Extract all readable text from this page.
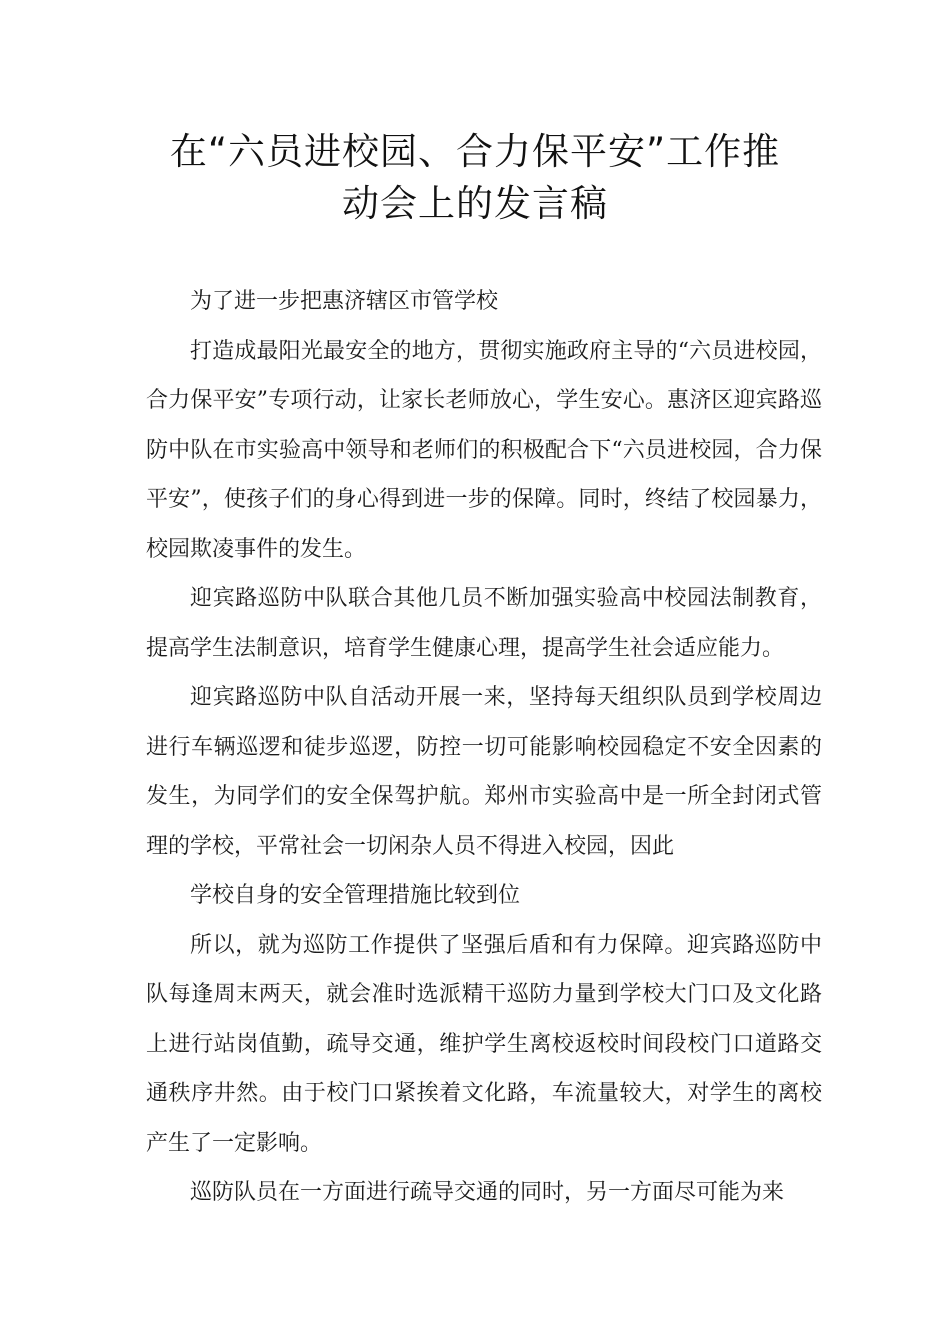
在“六员进校园、合力保平安”工作推
动会上的发言稿

为了进一步把惠济辖区市管学校

打造成最阳光最安全的地方，贯彻实施政府主导的“六员进校园，合力保平安”专项行动，让家长老师放心，学生安心。惠济区迎宾路巡防中队在市实验高中领导和老师们的积极配合下“六员进校园，合力保平安”，使孩子们的身心得到进一步的保障。同时，终结了校园暴力，校园欺凌事件的发生。

迎宾路巡防中队联合其他几员不断加强实验高中校园法制教育，提高学生法制意识，培育学生健康心理，提高学生社会适应能力。

迎宾路巡防中队自活动开展一来，坚持每天组织队员到学校周边进行车辆巡逻和徒步巡逻，防控一切可能影响校园稳定不安全因素的发生，为同学们的安全保驾护航。郑州市实验高中是一所全封闭式管理的学校，平常社会一切闲杂人员不得进入校园，因此

学校自身的安全管理措施比较到位

所以，就为巡防工作提供了坚强后盾和有力保障。迎宾路巡防中队每逢周末两天，就会准时选派精干巡防力量到学校大门口及文化路上进行站岗值勤，疏导交通，维护学生离校返校时间段校门口道路交通秩序井然。由于校门口紧挨着文化路，车流量较大，对学生的离校产生了一定影响。

巡防队员在一方面进行疏导交通的同时，另一方面尽可能为来
